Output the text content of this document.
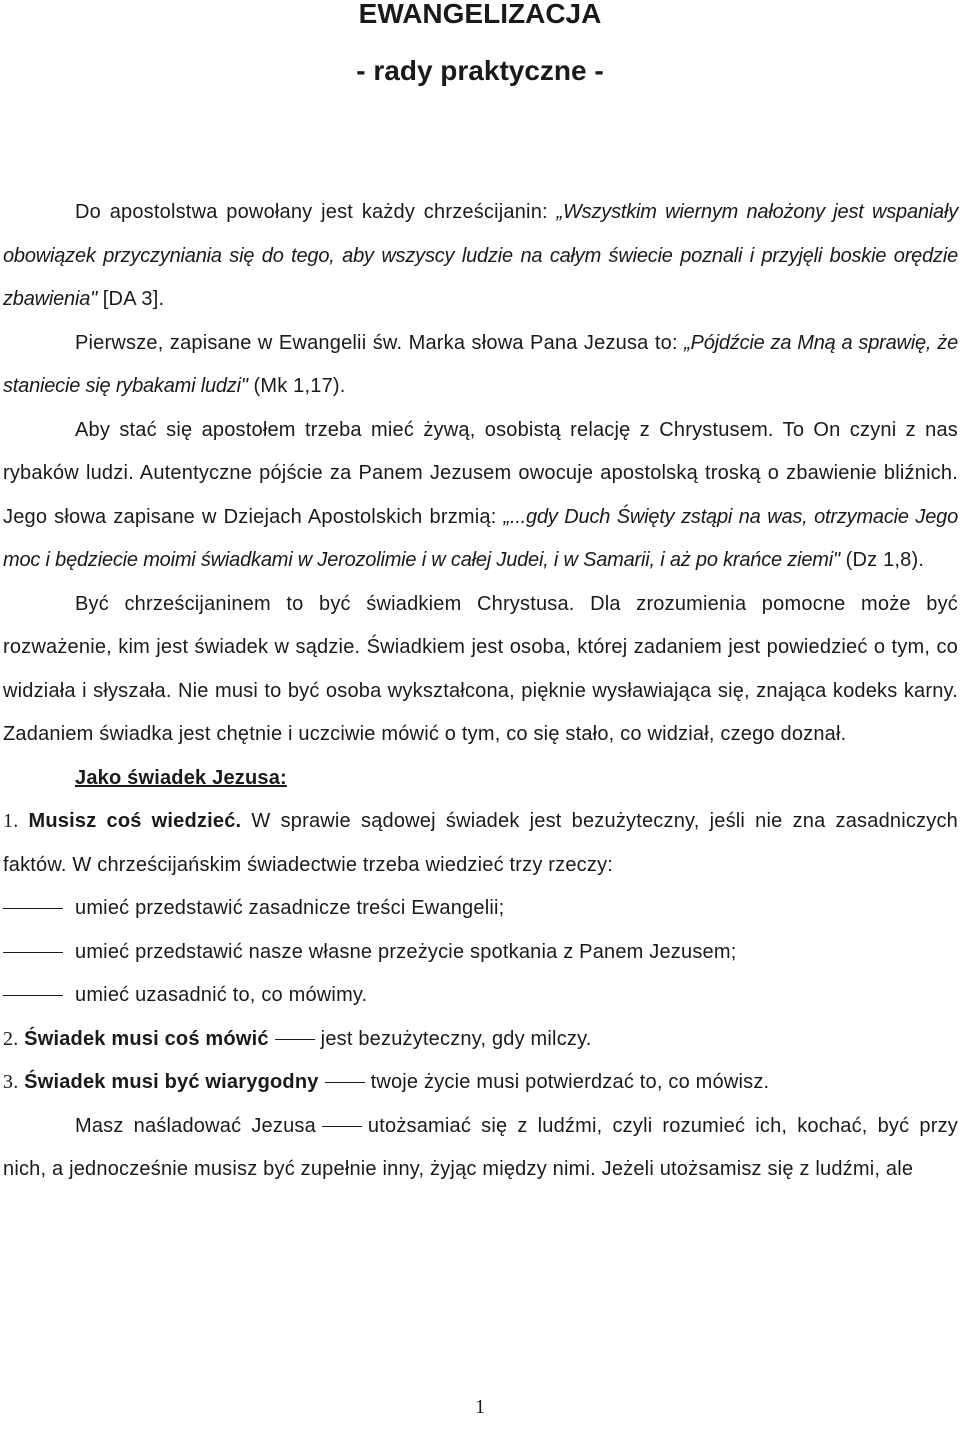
EWANGELIZACJA
- rady praktyczne -

Do apostolstwa powołany jest każdy chrześcijanin: „Wszystkim wiernym nałożony jest wspaniały obowiązek przyczyniania się do tego, aby wszyscy ludzie na całym świecie poznali i przyjęli boskie orędzie zbawienia" [DA 3].

Pierwsze, zapisane w Ewangelii św. Marka słowa Pana Jezusa to: „Pójdźcie za Mną a sprawię, że staniecie się rybakami ludzi" (Mk 1,17).

Aby stać się apostołem trzeba mieć żywą, osobistą relację z Chrystusem. To On czyni z nas rybaków ludzi. Autentyczne pójście za Panem Jezusem owocuje apostolską troską o zbawienie bliźnich. Jego słowa zapisane w Dziejach Apostolskich brzmią: „...gdy Duch Święty zstąpi na was, otrzymacie Jego moc i będziecie moimi świadkami w Jerozolimie i w całej Judei, i w Samarii, i aż po krańce ziemi" (Dz 1,8).

Być chrześcijaninem to być świadkiem Chrystusa. Dla zrozumienia pomocne może być rozważenie, kim jest świadek w sądzie. Świadkiem jest osoba, której zadaniem jest powiedzieć o tym, co widziała i słyszała. Nie musi to być osoba wykształcona, pięknie wysławiająca się, znająca kodeks karny. Zadaniem świadka jest chętnie i uczciwie mówić o tym, co się stało, co widział, czego doznał.

Jako świadek Jezusa:

1. Musisz coś wiedzieć. W sprawie sądowej świadek jest bezużyteczny, jeśli nie zna zasadniczych faktów. W chrześcijańskim świadectwie trzeba wiedzieć trzy rzeczy:

umieć przedstawić zasadnicze treści Ewangelii;

umieć przedstawić nasze własne przeżycie spotkania z Panem Jezusem;

umieć uzasadnić to, co mówimy.

2. Świadek musi coś mówić	jest bezużyteczny, gdy milczy.

3. Świadek musi być wiarygodny	twoje życie musi potwierdzać to, co mówisz.

Masz naśladować Jezusa	utożsamiać się z ludźmi, czyli rozumieć ich, kochać, być przy nich, a jednocześnie musisz być zupełnie inny, żyjąc między nimi. Jeżeli utożsamisz się z ludźmi, ale

1
